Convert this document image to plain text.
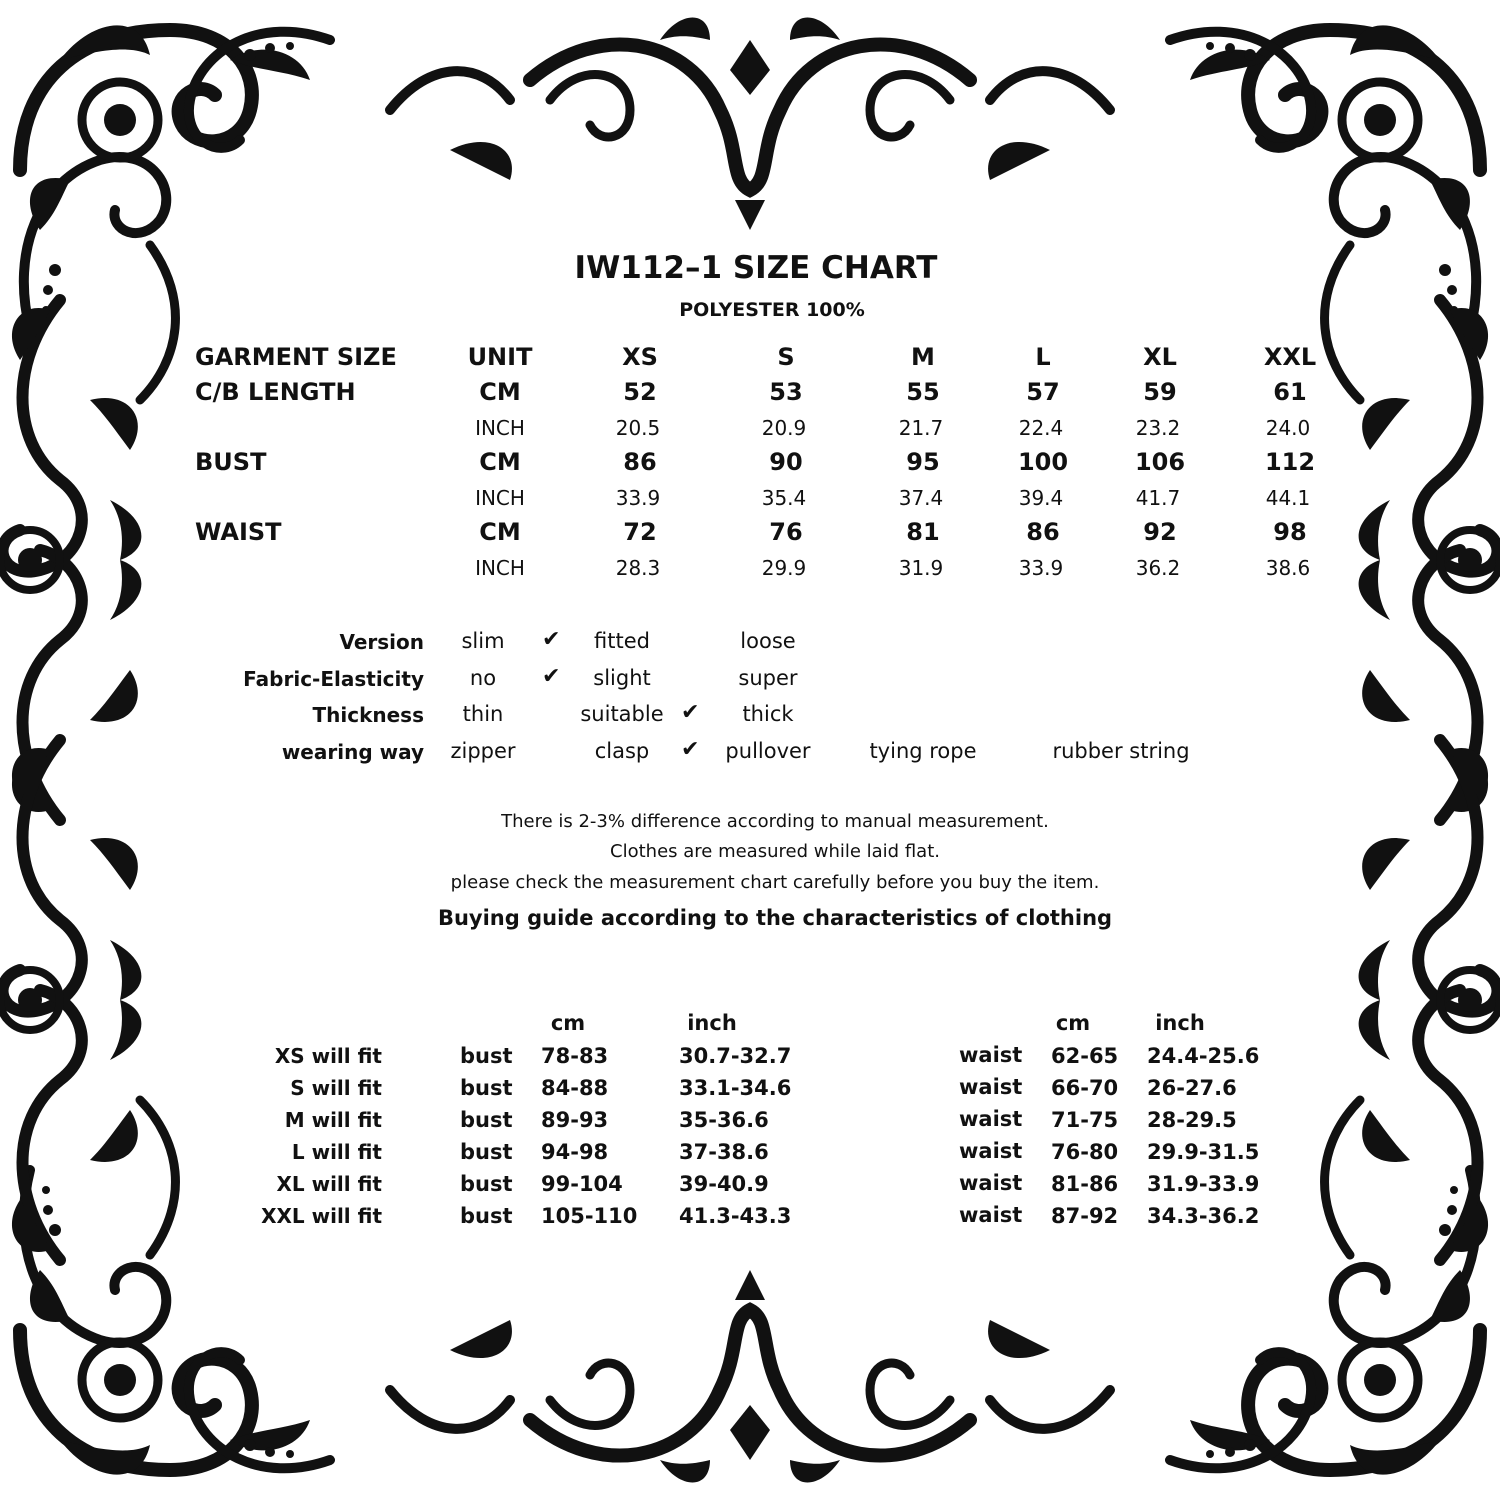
IW112–1 SIZE CHART
POLYESTER 100%
GARMENT SIZE	UNIT	XS	S	M	L	XL	XXL
C/B LENGTH	CM	52	53	55	57	59	61
INCH	20.5	20.9	21.7	22.4	23.2	24.0
BUST	CM	86	90	95	100	106	112
INCH	33.9	35.4	37.4	39.4	41.7	44.1
WAIST	CM	72	76	81	86	92	98
INCH	28.3	29.9	31.9	33.9	36.2	38.6
Version slim ✔ fitted	loose
Fabric-Elasticity no ✔ slight	super
Thickness thin	suitable ✔ thick
wearing way zipper	clasp ✔ pullover	tying rope	rubber string
There is 2-3% difference according to manual measurement.
Clothes are measured while laid flat.
please check the measurement chart carefully before you buy the item.
Buying guide according to the characteristics of clothing
cm	inch	cm	inch
XS will fit	bust 78-83	30.7-32.7	waist 62-65 24.4-25.6
S will fit	bust 84-88	33.1-34.6	waist 66-70 26-27.6
M will fit	bust 89-93	35-36.6	waist 71-75 28-29.5
L will fit	bust 94-98	37-38.6	waist 76-80 29.9-31.5
XL will fit	bust 99-104	39-40.9	waist 81-86 31.9-33.9
XXL will fit	bust 105-110 41.3-43.3	waist 87-92 34.3-36.2
